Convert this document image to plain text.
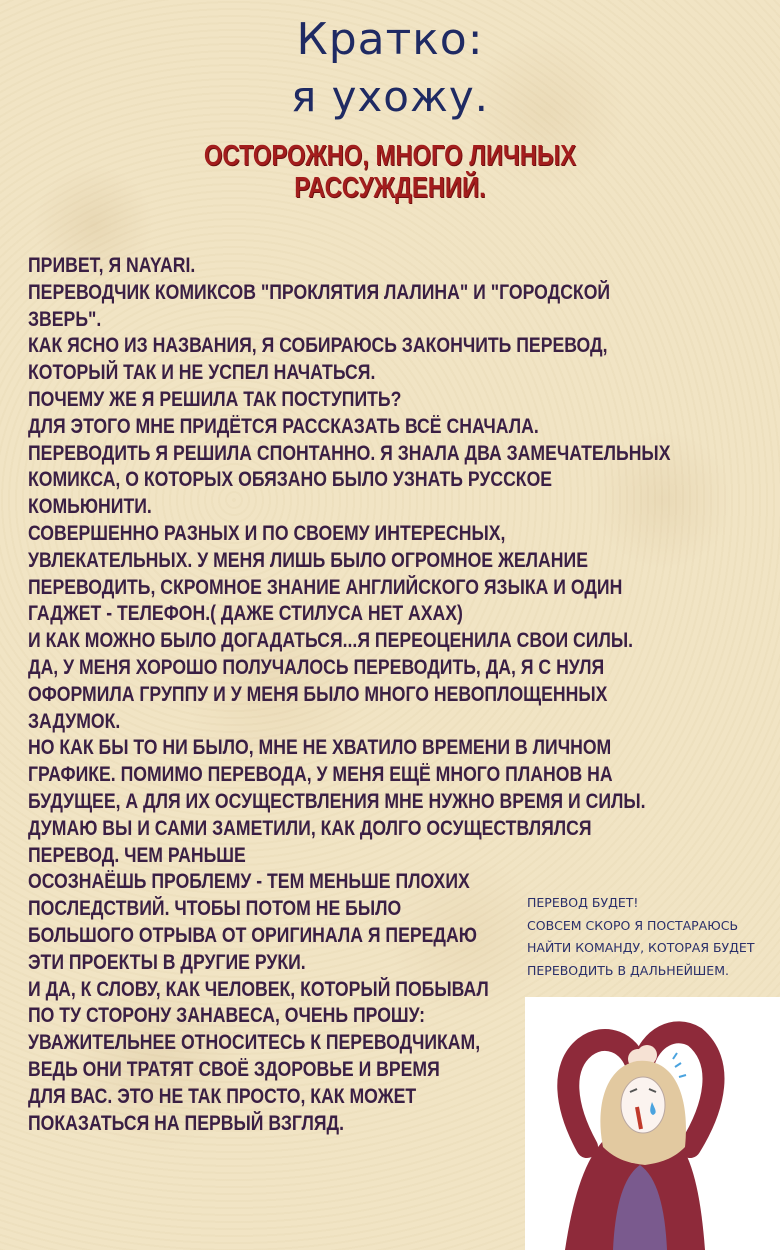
Кратко:
я ухожу.
ОСТОРОЖНО, МНОГО ЛИЧНЫХ
РАССУЖДЕНИЙ.
ПРИВЕТ, Я NAYARI.
ПЕРЕВОДЧИК КОМИКСОВ "ПРОКЛЯТИЯ ЛАЛИНА" И "ГОРОДСКОЙ
ЗВЕРЬ".
КАК ЯСНО ИЗ НАЗВАНИЯ, Я СОБИРАЮСЬ ЗАКОНЧИТЬ ПЕРЕВОД,
КОТОРЫЙ ТАК И НЕ УСПЕЛ НАЧАТЬСЯ.
ПОЧЕМУ ЖЕ Я РЕШИЛА ТАК ПОСТУПИТЬ?
ДЛЯ ЭТОГО МНЕ ПРИДЁТСЯ РАССКАЗАТЬ ВСЁ СНАЧАЛА.
ПЕРЕВОДИТЬ Я РЕШИЛА СПОНТАННО. Я ЗНАЛА ДВА ЗАМЕЧАТЕЛЬНЫХ
КОМИКСА, О КОТОРЫХ ОБЯЗАНО БЫЛО УЗНАТЬ РУССКОЕ
КОМЬЮНИТИ.
СОВЕРШЕННО РАЗНЫХ И ПО СВОЕМУ ИНТЕРЕСНЫХ,
УВЛЕКАТЕЛЬНЫХ. У МЕНЯ ЛИШЬ БЫЛО ОГРОМНОЕ ЖЕЛАНИЕ
ПЕРЕВОДИТЬ, СКРОМНОЕ ЗНАНИЕ АНГЛИЙСКОГО ЯЗЫКА И ОДИН
ГАДЖЕТ - ТЕЛЕФОН.( ДАЖЕ СТИЛУСА НЕТ АХАХ)
И КАК МОЖНО БЫЛО ДОГАДАТЬСЯ...Я ПЕРЕОЦЕНИЛА СВОИ СИЛЫ.
ДА, У МЕНЯ ХОРОШО ПОЛУЧАЛОСЬ ПЕРЕВОДИТЬ, ДА, Я С НУЛЯ
ОФОРМИЛА ГРУППУ И У МЕНЯ БЫЛО МНОГО НЕВОПЛОЩЕННЫХ
ЗАДУМОК.
НО КАК БЫ ТО НИ БЫЛО, МНЕ НЕ ХВАТИЛО ВРЕМЕНИ В ЛИЧНОМ
ГРАФИКЕ. ПОМИМО ПЕРЕВОДА, У МЕНЯ ЕЩЁ МНОГО ПЛАНОВ НА
БУДУЩЕЕ, А ДЛЯ ИХ ОСУЩЕСТВЛЕНИЯ МНЕ НУЖНО ВРЕМЯ И СИЛЫ.
ДУМАЮ ВЫ И САМИ ЗАМЕТИЛИ, КАК ДОЛГО ОСУЩЕСТВЛЯЛСЯ
ПЕРЕВОД. ЧЕМ РАНЬШЕ
ОСОЗНАЁШЬ ПРОБЛЕМУ - ТЕМ МЕНЬШЕ ПЛОХИХ
ПОСЛЕДСТВИЙ. ЧТОБЫ ПОТОМ НЕ БЫЛО
БОЛЬШОГО ОТРЫВА ОТ ОРИГИНАЛА Я ПЕРЕДАЮ
ЭТИ ПРОЕКТЫ В ДРУГИЕ РУКИ.
И ДА, К СЛОВУ, КАК ЧЕЛОВЕК, КОТОРЫЙ ПОБЫВАЛ
ПО ТУ СТОРОНУ ЗАНАВЕСА, ОЧЕНЬ ПРОШУ:
УВАЖИТЕЛЬНЕЕ ОТНОСИТЕСЬ К ПЕРЕВОДЧИКАМ,
ВЕДЬ ОНИ ТРАТЯТ СВОЁ ЗДОРОВЬЕ И ВРЕМЯ
ДЛЯ ВАС. ЭТО НЕ ТАК ПРОСТО, КАК МОЖЕТ
ПОКАЗАТЬСЯ НА ПЕРВЫЙ ВЗГЛЯД.
ПЕРЕВОД БУДЕТ!
СОВСЕМ СКОРО Я ПОСТАРАЮСЬ
НАЙТИ КОМАНДУ, КОТОРАЯ БУДЕТ
ПЕРЕВОДИТЬ В ДАЛЬНЕЙШЕМ.
